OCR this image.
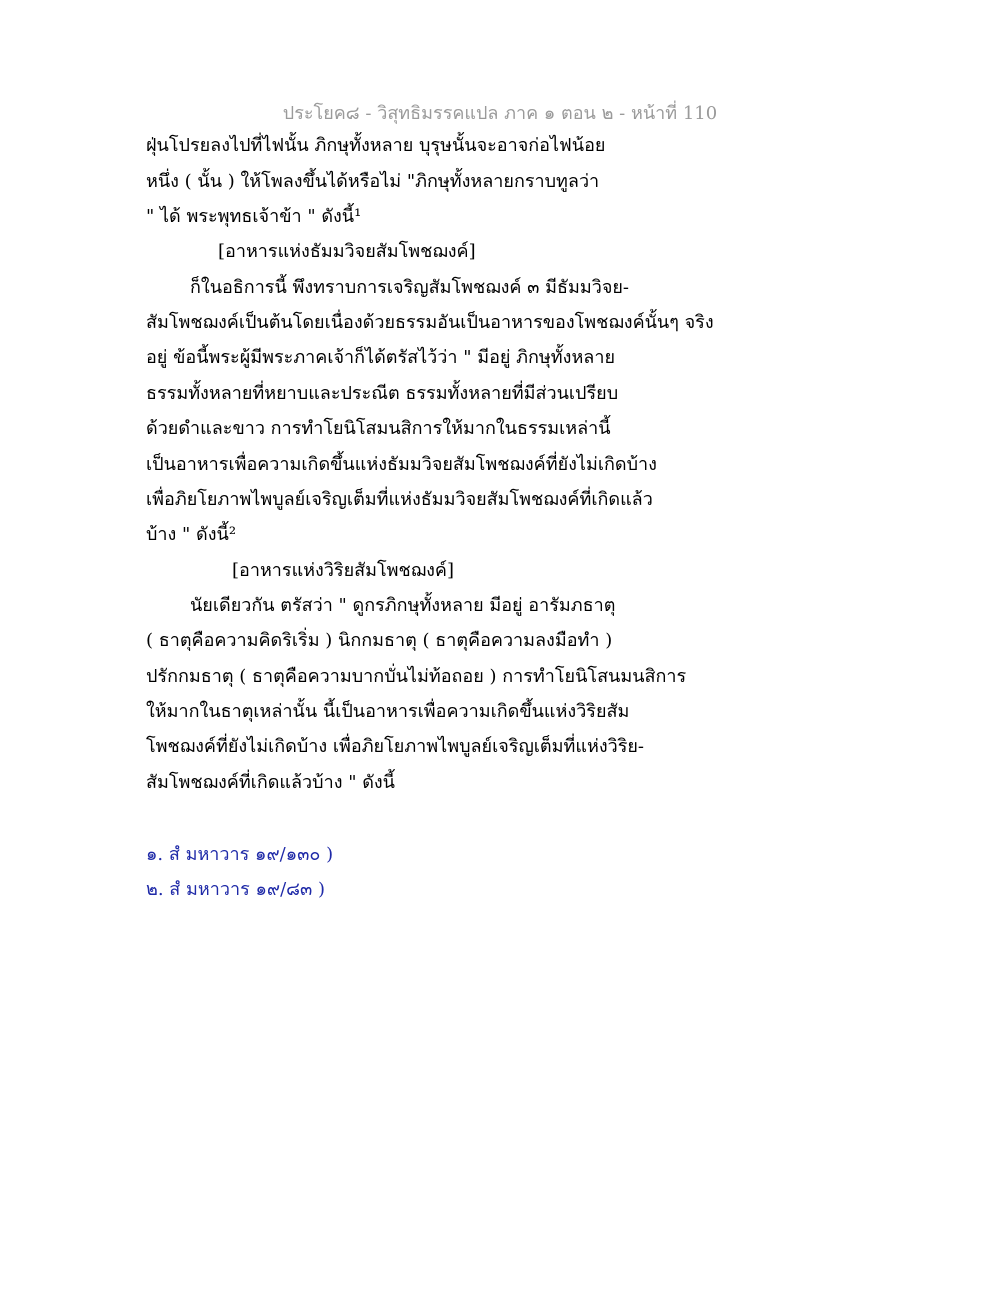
ประโยค๘ - วิสุทธิมรรคแปล ภาค ๑ ตอน ๒ - หน้าที่ 110
ฝุ่นโปรยลงไปที่ไฟนั้น ภิกษุทั้งหลาย บุรุษนั้นจะอาจก่อไฟน้อย
หนึ่ง ( นั้น ) ให้โพลงขึ้นได้หรือไม่ "ภิกษุทั้งหลายกราบทูลว่า
" ได้ พระพุทธเจ้าข้า " ดังนี้¹
[อาหารแห่งธัมมวิจยสัมโพชฌงค์]
ก็ในอธิการนี้ พึงทราบการเจริญสัมโพชฌงค์ ๓ มีธัมมวิจย-
สัมโพชฌงค์เป็นต้นโดยเนื่องด้วยธรรมอันเป็นอาหารของโพชฌงค์นั้นๆ จริง
อยู่ ข้อนี้พระผู้มีพระภาคเจ้าก็ได้ตรัสไว้ว่า " มีอยู่ ภิกษุทั้งหลาย
ธรรมทั้งหลายที่หยาบและประณีต ธรรมทั้งหลายที่มีส่วนเปรียบ
ด้วยดำและขาว การทำโยนิโสมนสิการให้มากในธรรมเหล่านี้
เป็นอาหารเพื่อความเกิดขึ้นแห่งธัมมวิจยสัมโพชฌงค์ที่ยังไม่เกิดบ้าง
เพื่อภิยโยภาพไพบูลย์เจริญเต็มที่แห่งธัมมวิจยสัมโพชฌงค์ที่เกิดแล้ว
บ้าง " ดังนี้²
[อาหารแห่งวิริยสัมโพชฌงค์]
นัยเดียวกัน ตรัสว่า " ดูกรภิกษุทั้งหลาย มีอยู่ อารัมภธาตุ
( ธาตุคือความคิดริเริ่ม ) นิกกมธาตุ ( ธาตุคือความลงมือทำ )
ปรักกมธาตุ ( ธาตุคือความบากบั่นไม่ท้อถอย ) การทำโยนิโสนมนสิการ
ให้มากในธาตุเหล่านั้น นี้เป็นอาหารเพื่อความเกิดขึ้นแห่งวิริยสัม
โพชฌงค์ที่ยังไม่เกิดบ้าง เพื่อภิยโยภาพไพบูลย์เจริญเต็มที่แห่งวิริย-
สัมโพชฌงค์ที่เกิดแล้วบ้าง " ดังนี้
๑. สํ มหาวาร ๑๙/๑๓๐ )
๒. สํ มหาวาร ๑๙/๘๓ )
